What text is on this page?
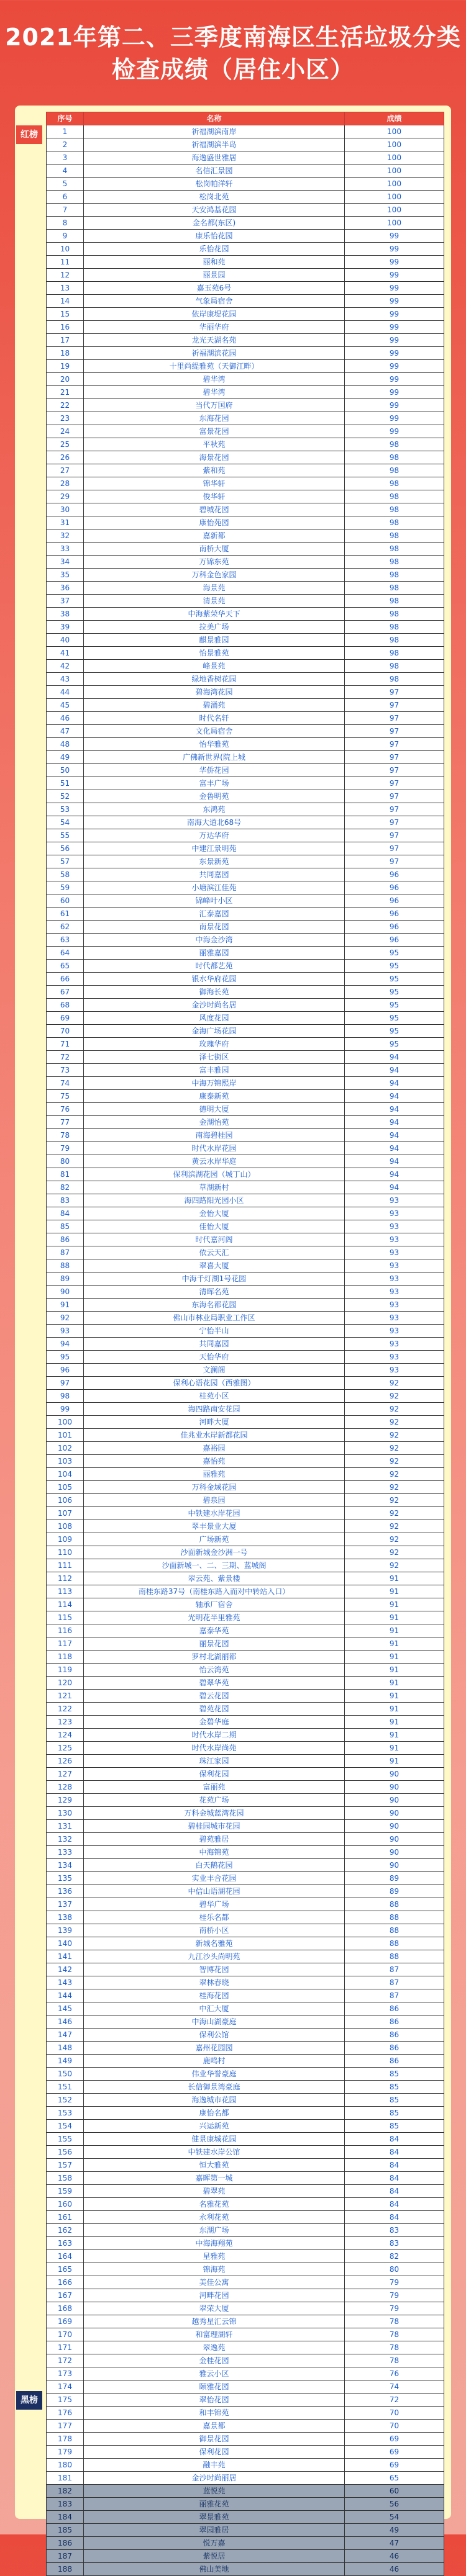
2021年第二、三季度南海区生活垃圾分类
检查成绩（居住小区）
红榜
黑榜
序号	名称	成绩
1	祈福湖滨南岸	100
2	祈福湖滨半岛	100
3	海逸盛世雅居	100
4	名信汇景园	100
5	松岗帕洋轩	100
6	松岗北苑	100
7	天安鸿基花园	100
8	金名都(东区)	100
9	康乐怡花园	99
10	乐怡花园	99
11	丽和苑	99
12	丽景园	99
13	嘉玉苑6号	99
14	气象局宿舍	99
15	依岸康堤花园	99
16	华丽华府	99
17	龙光天湖名苑	99
18	祈福湖滨花园	99
19	十里尚缇雅苑（天御江畔）	99
20	碧华湾	99
21	碧华湾	99
22	当代万国府	99
23	东海花园	99
24	富景花园	99
25	平秋苑	98
26	海景花园	98
27	紫和苑	98
28	锦华轩	98
29	俊华轩	98
30	碧城花园	98
31	康怡苑园	98
32	嘉新都	98
33	南桥大厦	98
34	万锦东苑	98
35	万科金色家园	98
36	海景苑	98
37	清景苑	98
38	中海紫荣华天下	98
39	拉美广场	98
40	麒景雅园	98
41	怡景雅苑	98
42	峰景苑	98
43	绿地香树花园	98
44	碧海湾花园	97
45	碧涌苑	97
46	时代名轩	97
47	文化局宿舍	97
48	怡华雅苑	97
49	广佛新世界(院上城	97
50	华侨花园	97
51	富丰广场	97
52	金鲁明苑	97
53	东鸿苑	97
54	南海大道北68号	97
55	万达华府	97
56	中建江景明苑	97
57	东景新苑	97
58	共同嘉园	96
59	小塘滨江佳苑	96
60	锦峰叶小区	96
61	汇泰嘉园	96
62	南景花园	96
63	中海金沙湾	96
64	丽雅嘉园	95
65	时代都艺苑	95
66	银水华府花园	95
67	御海长苑	95
68	金沙时尚名居	95
69	风度花园	95
70	金海广场花园	95
71	玫瑰华府	95
72	泽七街区	94
73	富丰雅园	94
74	中海万锦熙岸	94
75	康泰新苑	94
76	德明大厦	94
77	金湖怡苑	94
78	南海碧桂园	94
79	时代水岸花园	94
80	黄云水岸华庭	94
81	保利滨湖花园（城丁山）	94
82	草湖新村	94
83	海四路阳光园小区	93
84	金怡大厦	93
85	佳怡大厦	93
86	时代嘉河阁	93
87	依云天汇	93
88	翠喜大厦	93
89	中海千灯湖1号花园	93
90	清晖名苑	93
91	东海名都花园	93
92	佛山市林业局职业工作区	93
93	宁怡半山	93
94	共同嘉园	93
95	天怡华府	93
96	文澜阁	93
97	保利心语花园（西雅图）	92
98	桂苑小区	92
99	海四路南安花园	92
100	河畔大厦	92
101	佳兆业水岸新都花园	92
102	嘉裕园	92
103	嘉怡苑	92
104	丽雅苑	92
105	万科金域花园	92
106	碧泉园	92
107	中铁建水岸花园	92
108	翠丰景业大厦	92
109	广场新苑	92
110	沙面新城金沙洲一号	92
111	沙面新城一、二、三期、蓝城阁	92
112	翠云苑、紫景楼	91
113	南桂东路37号（南桂东路入而对中转站入口）	91
114	轴承厂宿舍	91
115	光明花半里雅苑	91
116	嘉泰华苑	91
117	丽景花园	91
118	罗村北湖丽都	91
119	怡云湾苑	91
120	碧翠华苑	91
121	碧云花园	91
122	碧苑花园	91
123	金碧华庭	91
124	时代水岸二期	91
125	时代水岸尚苑	91
126	珠江家园	91
127	保利花园	90
128	富丽苑	90
129	花苑广场	90
130	万科金城蓝湾花园	90
131	碧桂园城市花园	90
132	碧苑雅居	90
133	中海锦苑	90
134	白天鹅花园	90
135	实业丰合花园	89
136	中信山语湖花园	89
137	碧华广场	88
138	桂乐名都	88
139	南桥小区	88
140	新城名雅苑	88
141	九江沙头尚明苑	88
142	智博花园	87
143	翠林春晓	87
144	桂海花园	87
145	中汇大厦	86
146	中海山湖豪庭	86
147	保利公馆	86
148	嘉州花园园	86
149	鹿鸣村	86
150	伟业华誉豪庭	85
151	长信御景湾豪庭	85
152	海逸城市花园	85
153	康怡名都	85
154	兴运新苑	85
155	健景康城花园	84
156	中铁建水岸公馆	84
157	恒大雅苑	84
158	嘉晖第一城	84
159	碧翠苑	84
160	名雅花苑	84
161	永利花苑	84
162	东湖广场	83
163	中海海翔苑	83
164	星雅苑	82
165	锦海苑	80
166	美佳公寓	79
167	河畔花园	79
168	翠荣大厦	79
169	越秀星汇云锦	78
170	和富理湖轩	78
171	翠逸苑	78
172	金桂花园	78
173	雅云小区	76
174	颐雅花园	74
175	翠怡花园	72
176	和丰锦苑	70
177	嘉景都	70
178	御景花园	69
179	保利花园	69
180	融丰苑	69
181	金沙时尚丽居	65
182	蓝悦苑	60
183	丽雅花苑	56
184	翠景雅苑	54
185	翠园雅居	49
186	悦万嘉	47
187	紫悦居	46
188	佛山美地	46
